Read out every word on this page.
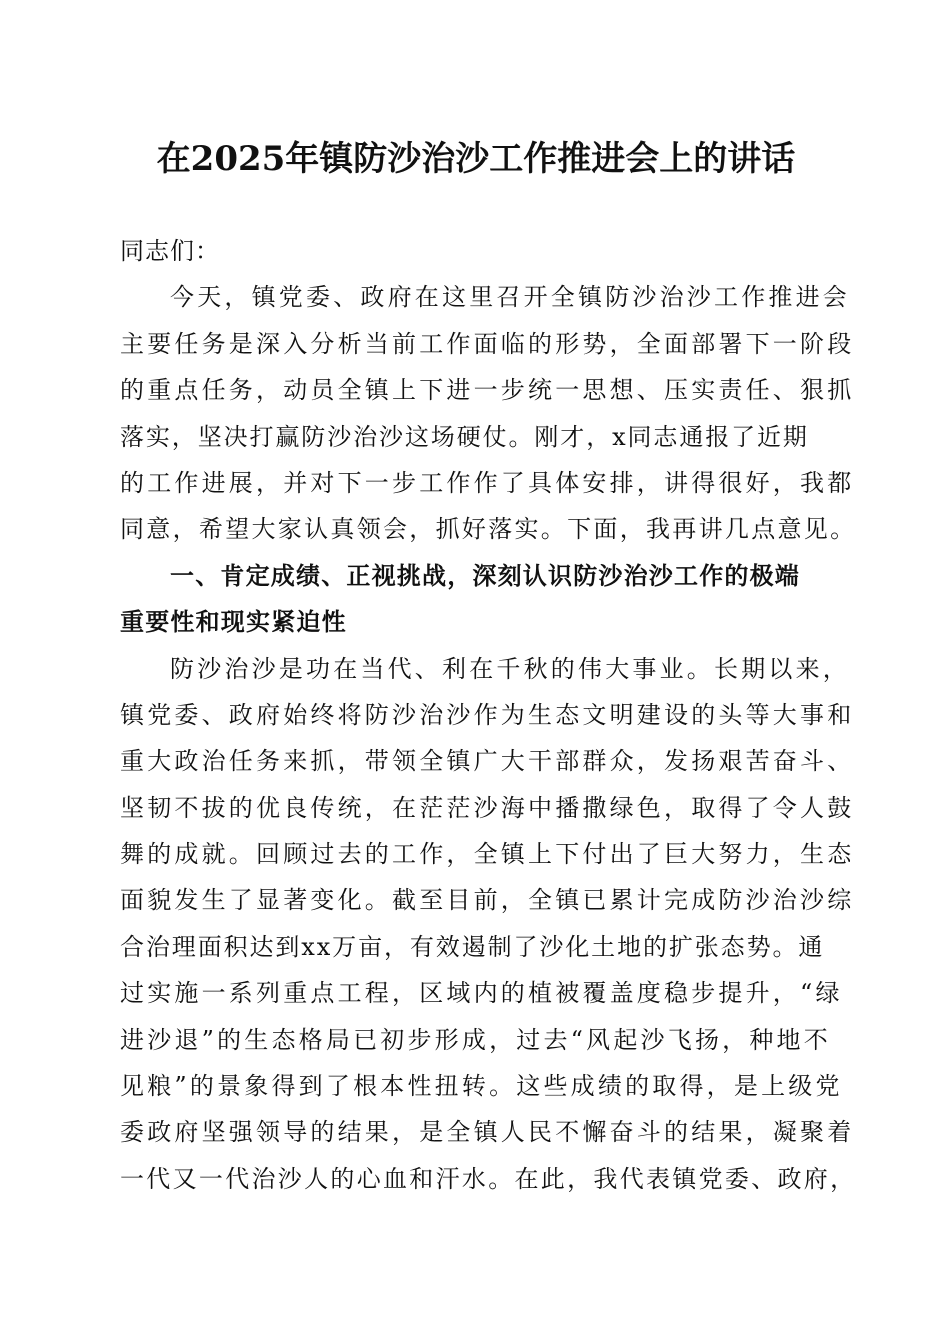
在2025年镇防沙治沙工作推进会上的讲话
同志们：
今天，镇党委、政府在这里召开全镇防沙治沙工作推进会
主要任务是深入分析当前工作面临的形势，全面部署下一阶段
的重点任务，动员全镇上下进一步统一思想、压实责任、狠抓
落实，坚决打赢防沙治沙这场硬仗。刚才，x同志通报了近期
的工作进展，并对下一步工作作了具体安排，讲得很好，我都
同意，希望大家认真领会，抓好落实。下面，我再讲几点意见。
一、肯定成绩、正视挑战，深刻认识防沙治沙工作的极端
重要性和现实紧迫性
防沙治沙是功在当代、利在千秋的伟大事业。长期以来，
镇党委、政府始终将防沙治沙作为生态文明建设的头等大事和
重大政治任务来抓，带领全镇广大干部群众，发扬艰苦奋斗、
坚韧不拔的优良传统，在茫茫沙海中播撒绿色，取得了令人鼓
舞的成就。回顾过去的工作，全镇上下付出了巨大努力，生态
面貌发生了显著变化。截至目前，全镇已累计完成防沙治沙综
合治理面积达到xx万亩，有效遏制了沙化土地的扩张态势。通
过实施一系列重点工程，区域内的植被覆盖度稳步提升，“绿
进沙退”的生态格局已初步形成，过去“风起沙飞扬，种地不
见粮”的景象得到了根本性扭转。这些成绩的取得，是上级党
委政府坚强领导的结果，是全镇人民不懈奋斗的结果，凝聚着
一代又一代治沙人的心血和汗水。在此，我代表镇党委、政府，
